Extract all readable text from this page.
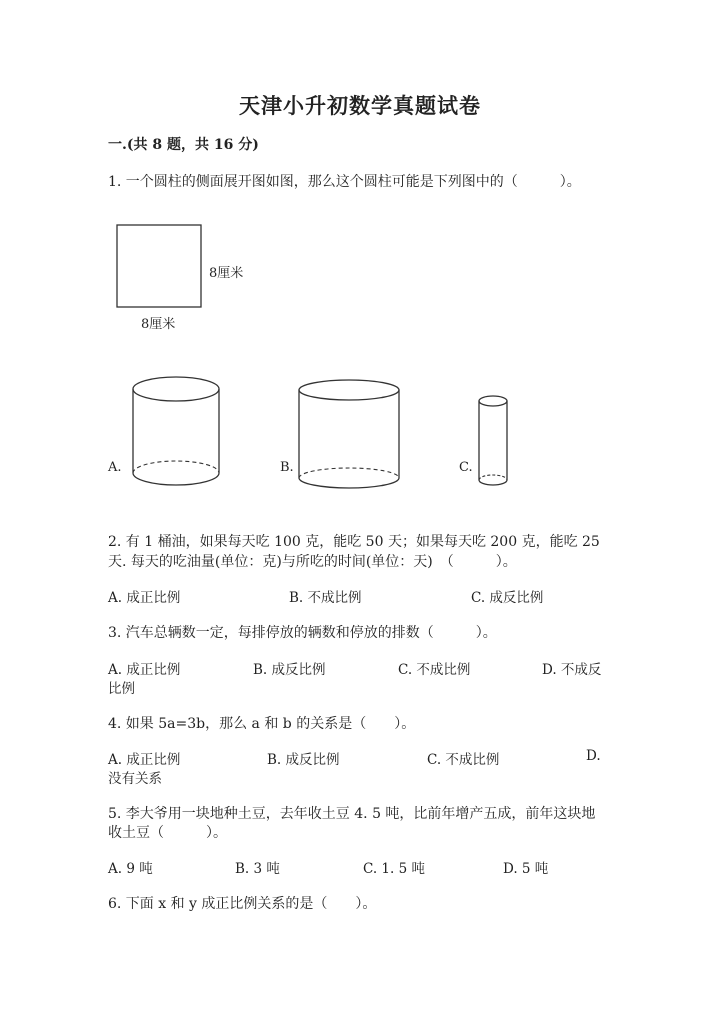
天津小升初数学真题试卷
一.(共 8 题，共 16 分)
1. 一个圆柱的侧面展开图如图，那么这个圆柱可能是下列图中的（　　　）。
8厘米
8厘米
A.	B.	C.
2. 有 1 桶油，如果每天吃 100 克，能吃 50 天；如果每天吃 200 克，能吃 25
天. 每天的吃油量(单位：克)与所吃的时间(单位：天)　（　　　）。
A. 成正比例	B. 不成比例	C. 成反比例
3. 汽车总辆数一定，每排停放的辆数和停放的排数（　　　）。
A. 成正比例	B. 成反比例	C. 不成比例	D. 不成反
比例
4. 如果 5a=3b，那么 a 和 b 的关系是（　　）。
A. 成正比例	B. 成反比例	C. 不成比例	D.
没有关系
5. 李大爷用一块地种土豆，去年收土豆 4. 5 吨，比前年增产五成，前年这块地
收土豆（　　　）。
A. 9 吨	B. 3 吨	C. 1. 5 吨	D. 5 吨
6. 下面 x 和 y 成正比例关系的是（　　）。
